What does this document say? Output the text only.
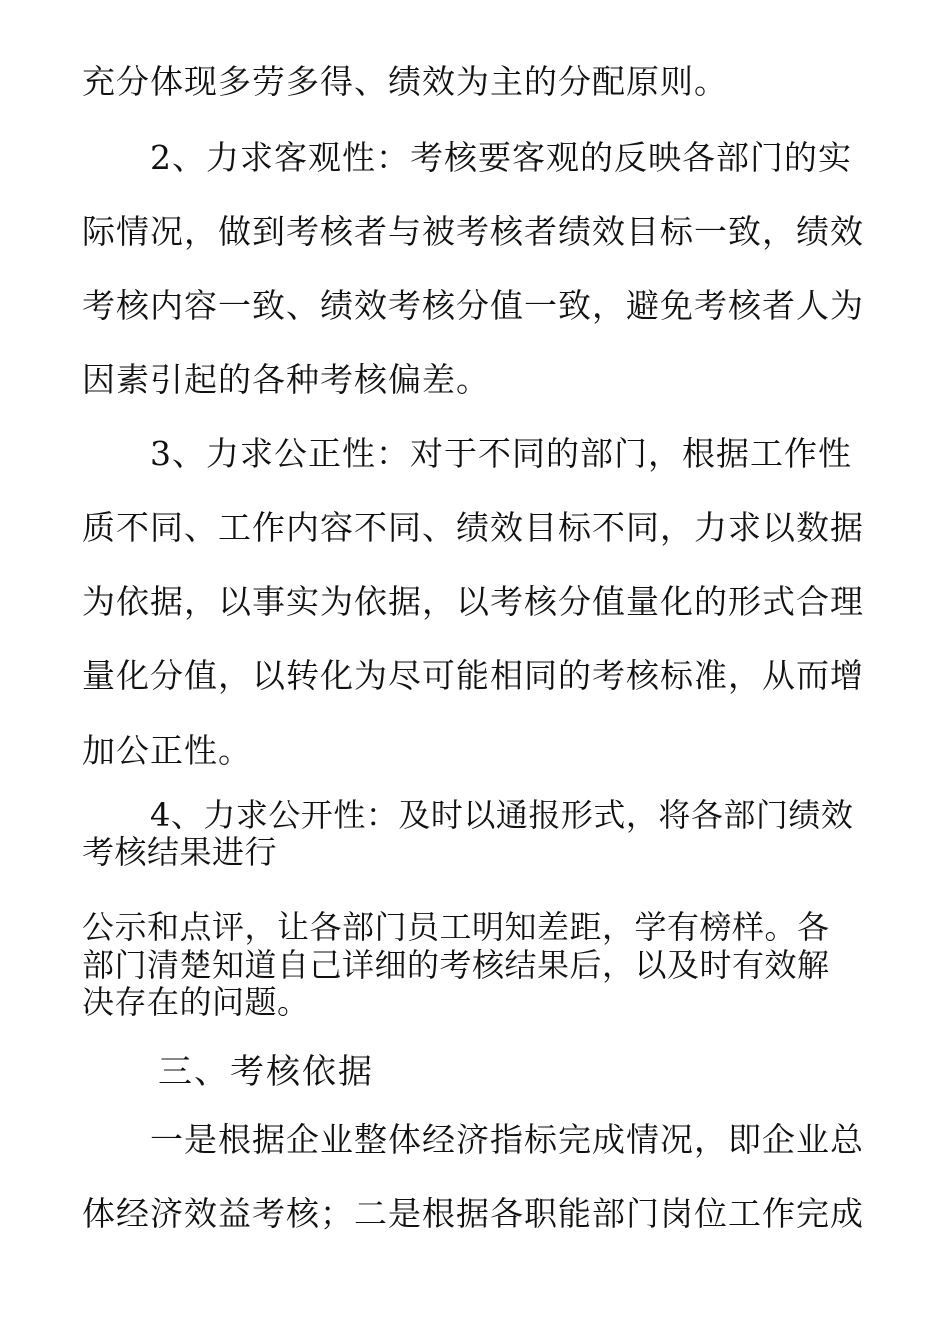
充分体现多劳多得、绩效为主的分配原则。
2、力求客观性：考核要客观的反映各部门的实
际情况，做到考核者与被考核者绩效目标一致，绩效
考核内容一致、绩效考核分值一致，避免考核者人为
因素引起的各种考核偏差。
3、力求公正性：对于不同的部门，根据工作性
质不同、工作内容不同、绩效目标不同，力求以数据
为依据，以事实为依据，以考核分值量化的形式合理
量化分值，以转化为尽可能相同的考核标准，从而增
加公正性。
4、力求公开性：及时以通报形式，将各部门绩效
考核结果进行
公示和点评，让各部门员工明知差距，学有榜样。各
部门清楚知道自己详细的考核结果后，以及时有效解
决存在的问题。
三、考核依据
一是根据企业整体经济指标完成情况，即企业总
体经济效益考核；二是根据各职能部门岗位工作完成
